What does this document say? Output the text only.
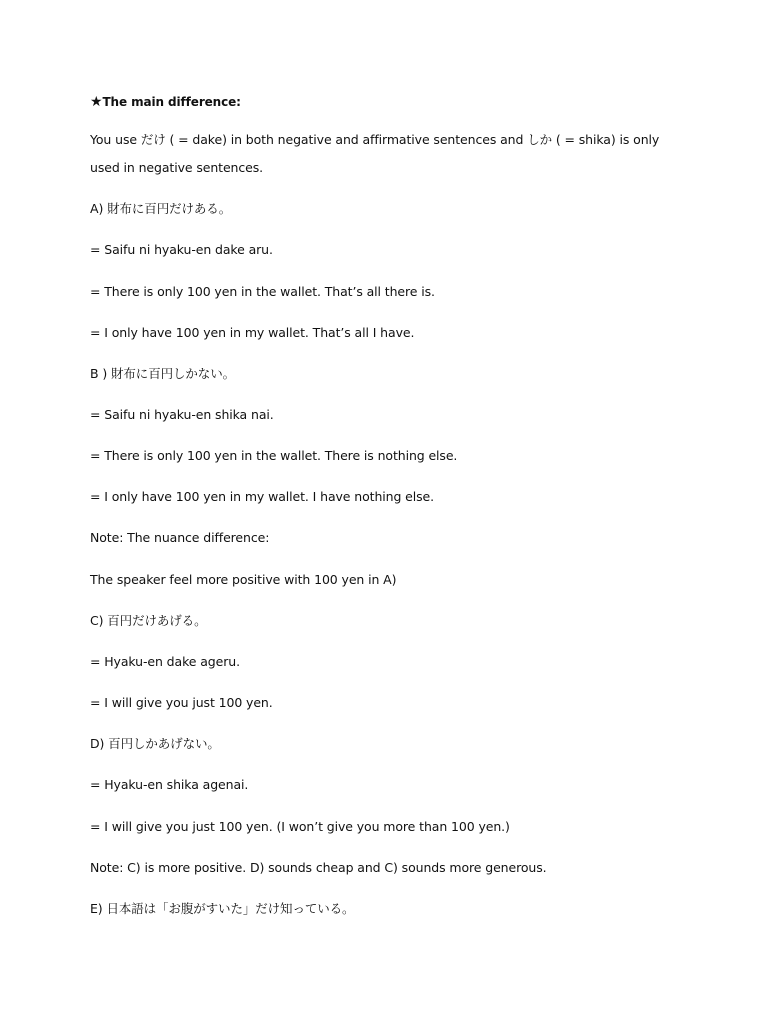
★The main difference:

You use だけ ( = dake) in both negative and affirmative sentences and しか ( = shika) is only

used in negative sentences.

A) 財布に百円だけある。

= Saifu ni hyaku-en dake aru.

= There is only 100 yen in the wallet. That’s all there is.

= I only have 100 yen in my wallet. That’s all I have.

B ) 財布に百円しかない。

= Saifu ni hyaku-en shika nai.

= There is only 100 yen in the wallet. There is nothing else.

= I only have 100 yen in my wallet. I have nothing else.

Note: The nuance difference:

The speaker feel more positive with 100 yen in A)

C) 百円だけあげる。

= Hyaku-en dake ageru.

= I will give you just 100 yen.

D) 百円しかあげない。

= Hyaku-en shika agenai.

= I will give you just 100 yen. (I won’t give you more than 100 yen.)

Note: C) is more positive. D) sounds cheap and C) sounds more generous.

E) 日本語は「お腹がすいた」だけ知っている。
